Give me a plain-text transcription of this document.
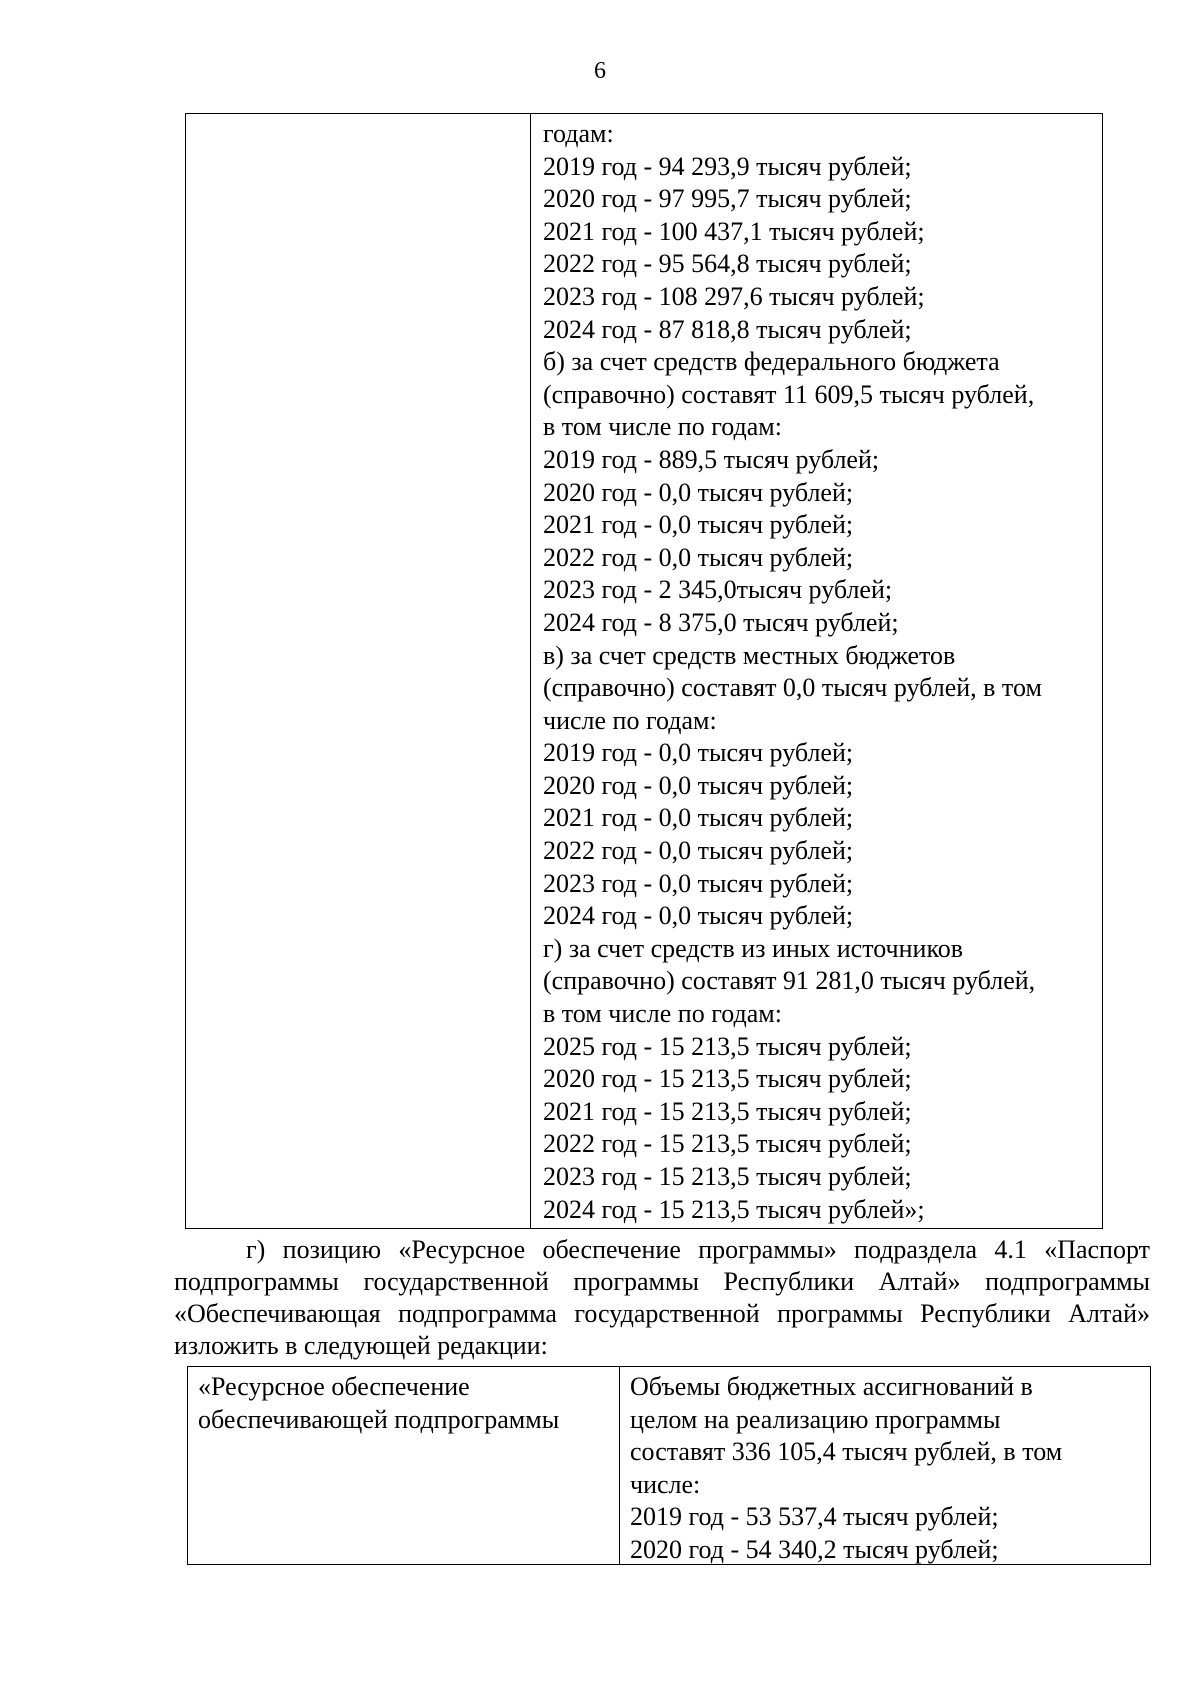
6
годам:
2019 год - 94 293,9 тысяч рублей;
2020 год - 97 995,7 тысяч рублей;
2021 год - 100 437,1 тысяч рублей;
2022 год - 95 564,8 тысяч рублей;
2023 год - 108 297,6 тысяч рублей;
2024 год - 87 818,8 тысяч рублей;
б) за счет средств федерального бюджета
(справочно) составят 11 609,5 тысяч рублей,
в том числе по годам:
2019 год - 889,5 тысяч рублей;
2020 год - 0,0 тысяч рублей;
2021 год - 0,0 тысяч рублей;
2022 год - 0,0 тысяч рублей;
2023 год - 2 345,0тысяч рублей;
2024 год - 8 375,0 тысяч рублей;
в) за счет средств местных бюджетов
(справочно) составят 0,0 тысяч рублей, в том
числе по годам:
2019 год - 0,0 тысяч рублей;
2020 год - 0,0 тысяч рублей;
2021 год - 0,0 тысяч рублей;
2022 год - 0,0 тысяч рублей;
2023 год - 0,0 тысяч рублей;
2024 год - 0,0 тысяч рублей;
г) за счет средств из иных источников
(справочно) составят 91 281,0 тысяч рублей,
в том числе по годам:
2025 год - 15 213,5 тысяч рублей;
2020 год - 15 213,5 тысяч рублей;
2021 год - 15 213,5 тысяч рублей;
2022 год - 15 213,5 тысяч рублей;
2023 год - 15 213,5 тысяч рублей;
2024 год - 15 213,5 тысяч рублей»;
г) позицию «Ресурсное обеспечение программы» подраздела 4.1 «Паспорт подпрограммы государственной программы Республики Алтай» подпрограммы «Обеспечивающая подпрограмма государственной программы Республики Алтай» изложить в следующей редакции:
«Ресурсное обеспечение
обеспечивающей подпрограммы
Объемы бюджетных ассигнований в
целом на реализацию программы
составят 336 105,4 тысяч рублей, в том
числе:
2019 год - 53 537,4 тысяч рублей;
2020 год - 54 340,2 тысяч рублей;
